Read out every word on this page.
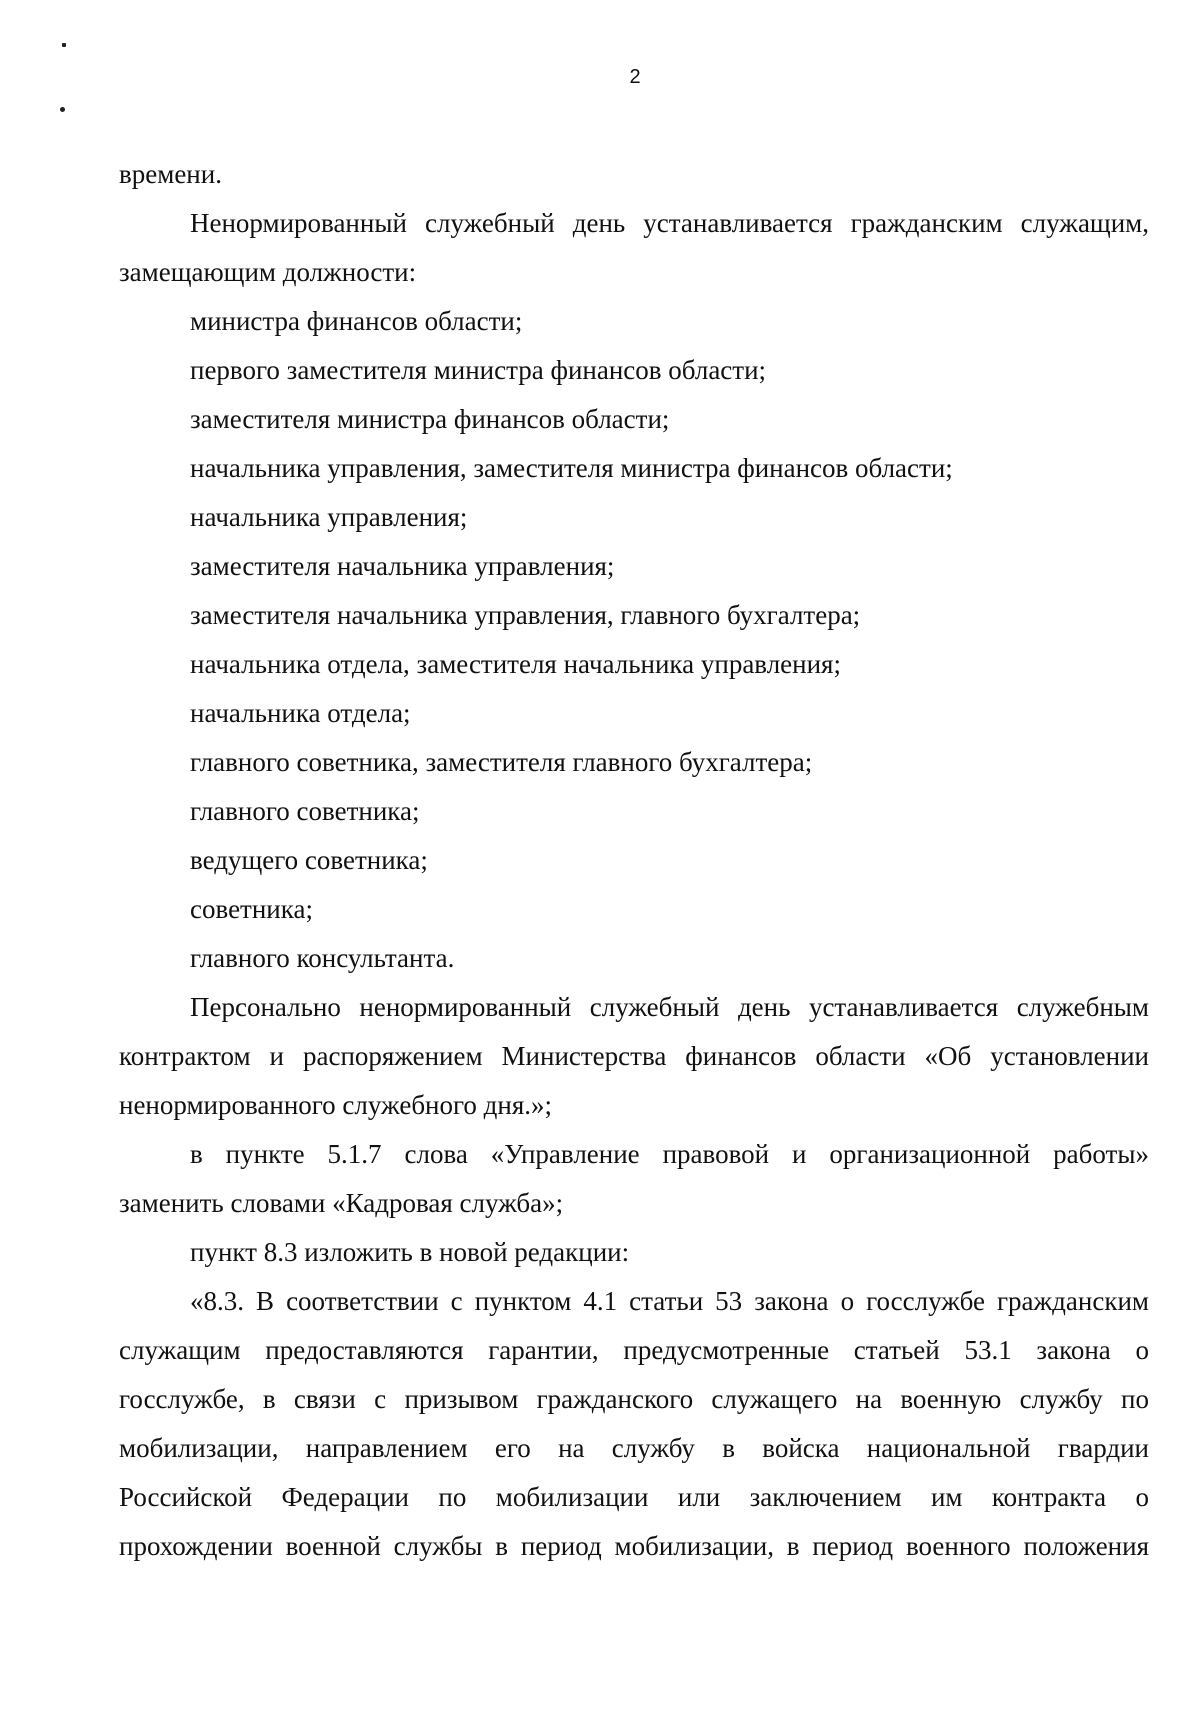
2
времени.
Ненормированный служебный день устанавливается гражданским служащим,
замещающим должности:
министра финансов области;
первого заместителя министра финансов области;
заместителя министра финансов области;
начальника управления, заместителя министра финансов области;
начальника управления;
заместителя начальника управления;
заместителя начальника управления, главного бухгалтера;
начальника отдела, заместителя начальника управления;
начальника отдела;
главного советника, заместителя главного бухгалтера;
главного советника;
ведущего советника;
советника;
главного консультанта.
Персонально ненормированный служебный день устанавливается служебным
контрактом и распоряжением Министерства финансов области «Об установлении
ненормированного служебного дня.»;
в пункте 5.1.7 слова «Управление правовой и организационной работы»
заменить словами «Кадровая служба»;
пункт 8.3 изложить в новой редакции:
«8.3. В соответствии с пунктом 4.1 статьи 53 закона о госслужбе гражданским
служащим предоставляются гарантии, предусмотренные статьей 53.1 закона о
госслужбе, в связи с призывом гражданского служащего на военную службу по
мобилизации, направлением его на службу в войска национальной гвардии
Российской Федерации по мобилизации или заключением им контракта о
прохождении военной службы в период мобилизации, в период военного положения
